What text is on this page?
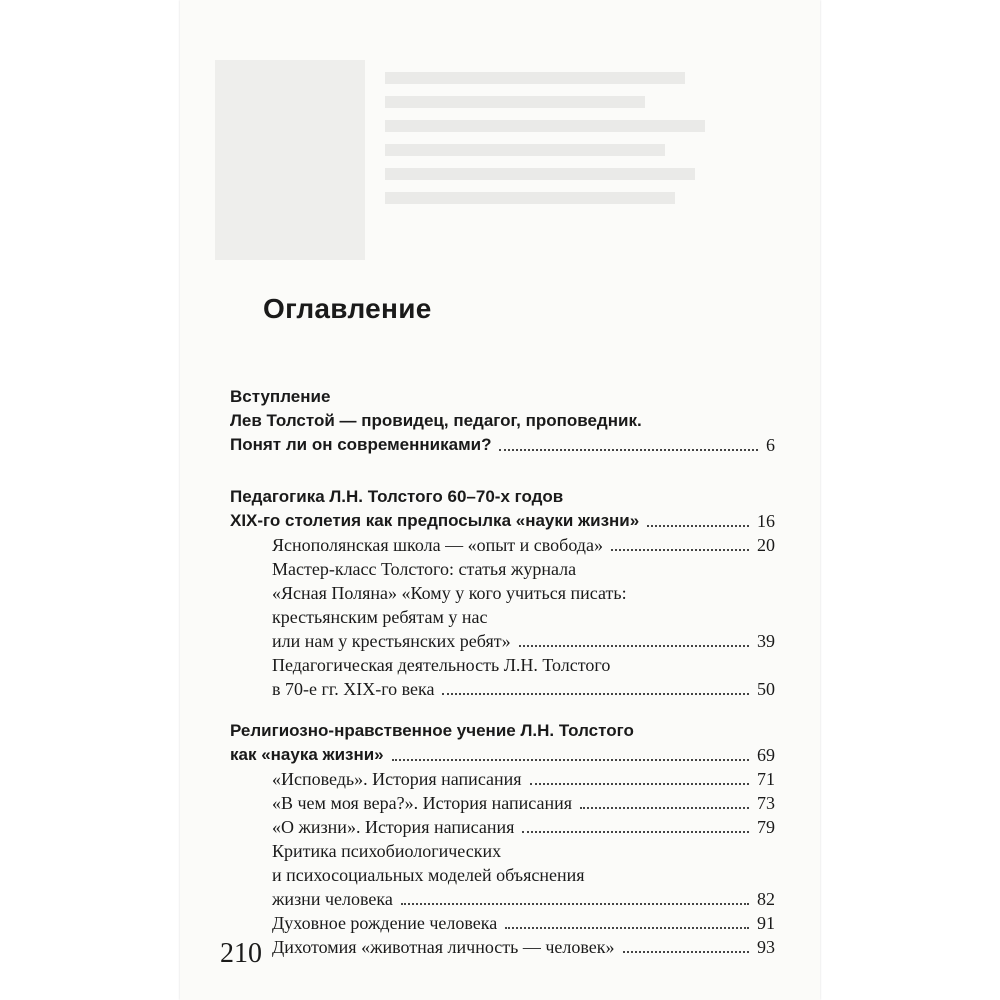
Оглавление
Вступление
Лев Толстой — провидец, педагог, проповедник.
Понят ли он современниками?	6
Педагогика Л.Н. Толстого 60–70-х годов
XIX-го столетия как предпосылка «науки жизни»	16
Яснополянская школа — «опыт и свобода»	20
Мастер-класс Толстого: статья журнала
«Ясная Поляна» «Кому у кого учиться писать:
крестьянским ребятам у нас
или нам у крестьянских ребят»	39
Педагогическая деятельность Л.Н. Толстого
в 70-е гг. XIX-го века	50
Религиозно-нравственное учение Л.Н. Толстого
как «наука жизни»	69
«Исповедь». История написания	71
«В чем моя вера?». История написания	73
«О жизни». История написания	79
Критика психобиологических
и психосоциальных моделей объяснения
жизни человека	82
Духовное рождение человека	91
Дихотомия «животная личность — человек»	93
210
